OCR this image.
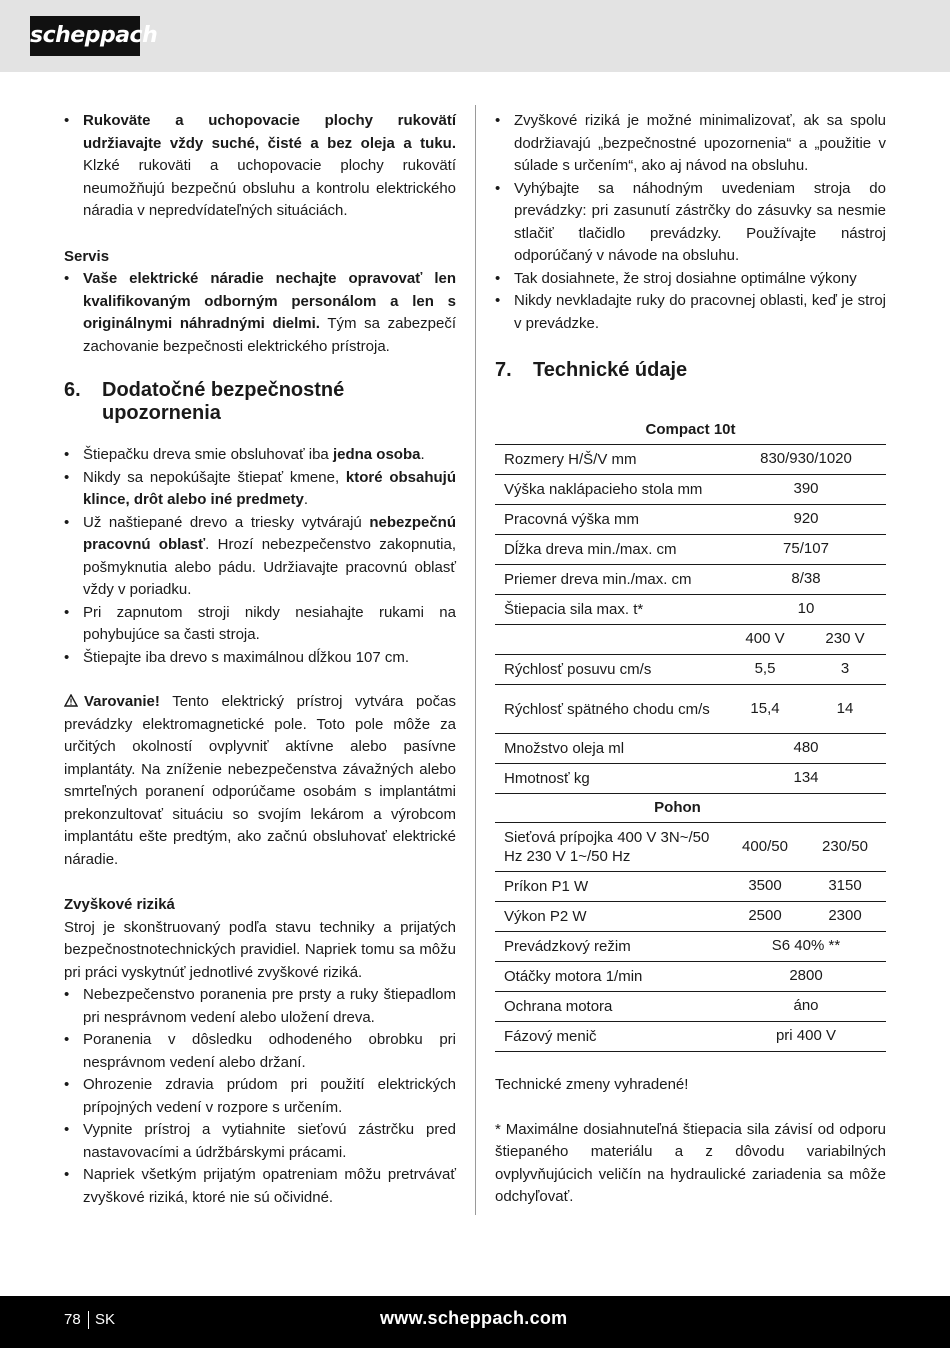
scheppach
• Rukoväte a uchopovacie plochy rukovätí udržiavajte vždy suché, čisté a bez oleja a tuku. Klzké rukoväti a uchopovacie plochy rukovätí neumožňujú bezpečnú obsluhu a kontrolu elektrického náradia v nepredvídateľných situáciách.

Servis

• Vaše elektrické náradie nechajte opravovať len kvalifikovaným odborným personálom a len s originálnymi náhradnými dielmi. Tým sa zabezpečí zachovanie bezpečnosti elektrického prístroja.
6.	Dodatočné bezpečnostné upozornenia
• Štiepačku dreva smie obsluhovať iba jedna osoba.
• Nikdy sa nepokúšajte štiepať kmene, ktoré obsahujú klince, drôt alebo iné predmety.
• Už naštiepané drevo a triesky vytvárajú nebezpečnú pracovnú oblasť. Hrozí nebezpečenstvo zakopnutia, pošmyknutia alebo pádu. Udržiavajte pracovnú oblasť vždy v poriadku.
• Pri zapnutom stroji nikdy nesiahajte rukami na pohybujúce sa časti stroja.
• Štiepajte iba drevo s maximálnou dĺžkou 107 cm.

Varovanie! Tento elektrický prístroj vytvára počas prevádzky elektromagnetické pole. Toto pole môže za určitých okolností ovplyvniť aktívne alebo pasívne implantáty. Na zníženie nebezpečenstva závažných alebo smrteľných poranení odporúčame osobám s implantátmi prekonzultovať situáciu so svojím lekárom a výrobcom implantátu ešte predtým, ako začnú obsluhovať elektrické náradie.

Zvyškové riziká

Stroj je skonštruovaný podľa stavu techniky a prijatých bezpečnostnotechnických pravidiel. Napriek tomu sa môžu pri práci vyskytnúť jednotlivé zvyškové riziká.

• Nebezpečenstvo poranenia pre prsty a ruky štiepadlom pri nesprávnom vedení alebo uložení dreva.
• Poranenia v dôsledku odhodeného obrobku pri nesprávnom vedení alebo držaní.
• Ohrozenie zdravia prúdom pri použití elektrických prípojných vedení v rozpore s určením.
• Vypnite prístroj a vytiahnite sieťovú zástrčku pred nastavovacími a údržbárskymi prácami.
• Napriek všetkým prijatým opatreniam môžu pretrvávať zvyškové riziká, ktoré nie sú očividné.
• Zvyškové riziká je možné minimalizovať, ak sa spolu dodržiavajú „bezpečnostné upozornenia“ a „použitie v súlade s určením“, ako aj návod na obsluhu.
• Vyhýbajte sa náhodným uvedeniam stroja do prevádzky: pri zasunutí zástrčky do zásuvky sa nesmie stlačiť tlačidlo prevádzky. Používajte nástroj odporúčaný v návode na obsluhu.
• Tak dosiahnete, že stroj dosiahne optimálne výkony
• Nikdy nevkladajte ruky do pracovnej oblasti, keď je stroj v prevádzke.
7.	Technické údaje
Compact 10t		
Rozmery H/Š/V mm	830/930/1020	
Výška naklápacieho stola mm	390	
Pracovná výška mm	920	
Dĺžka dreva min./max. cm	75/107	
Priemer dreva min./max. cm	8/38	
Štiepacia sila max. t*	10	
	400 V	230 V
Rýchlosť posuvu cm/s	5,5	3
Rýchlosť spätného chodu cm/s	15,4	14
Množstvo oleja ml	480	
Hmotnosť kg	134	
Pohon		
Sieťová prípojka 400 V 3N~/50 Hz 230 V 1~/50 Hz	400/50	230/50
Príkon P1 W	3500	3150
Výkon P2 W	2500	2300
Prevádzkový režim	S6 40% **	
Otáčky motora 1/min	2800	
Ochrana motora	áno	
Fázový menič	pri 400 V	

Technické zmeny vyhradené!

* Maximálne dosiahnuteľná štiepacia sila závisí od odporu štiepaného materiálu a z dôvodu variabilných ovplyvňujúcich veličín na hydraulické zariadenia sa môže odchyľovať.

78 SK	www.scheppach.com
